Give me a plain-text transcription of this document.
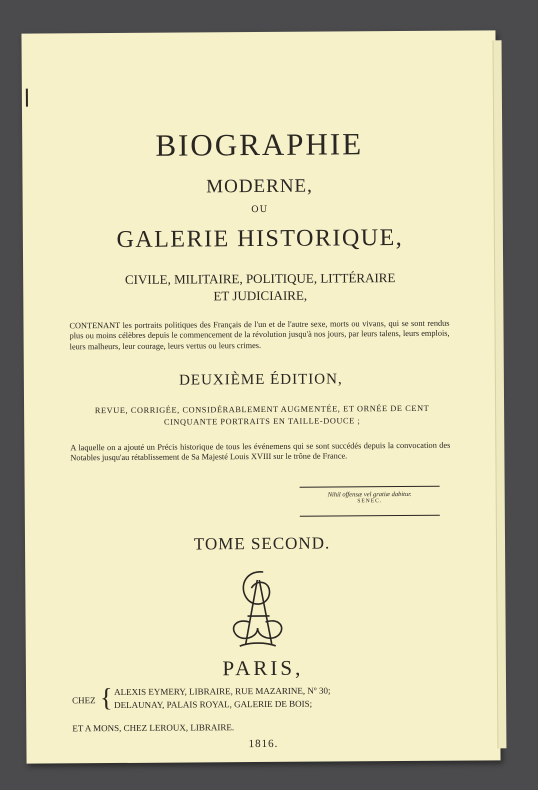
BIOGRAPHIE
MODERNE,
OU
GALERIE HISTORIQUE,
CIVILE, MILITAIRE, POLITIQUE, LITTÉRAIRE
ET JUDICIAIRE,
CONTENANT les portraits politiques des Français de l'un et de l'autre sexe, morts ou vivans, qui se sont rendus plus ou moins célèbres depuis le commencement de la révolution jusqu'à nos jours, par leurs talens, leurs emplois, leurs malheurs, leur courage, leurs vertus ou leurs crimes.
DEUXIÈME ÉDITION,
REVUE, CORRIGÉE, CONSIDÉRABLEMENT AUGMENTÉE, ET ORNÉE DE CENT CINQUANTE PORTRAITS EN TAILLE-DOUCE ;
A laquelle on a ajouté un Précis historique de tous les événemens qui se sont succédés depuis la convocation des Notables jusqu'au rétablissement de Sa Majesté Louis XVIII sur le trône de France.
Nihil offensæ vel gratiæ dabitur.
SENEC.
TOME SECOND.
PARIS,
CHEZ { ALEXIS EYMERY, LIBRAIRE, RUE MAZARINE, Nº 30;
DELAUNAY, PALAIS ROYAL, GALERIE DE BOIS;
ET A MONS, CHEZ LEROUX, LIBRAIRE.
1816.
